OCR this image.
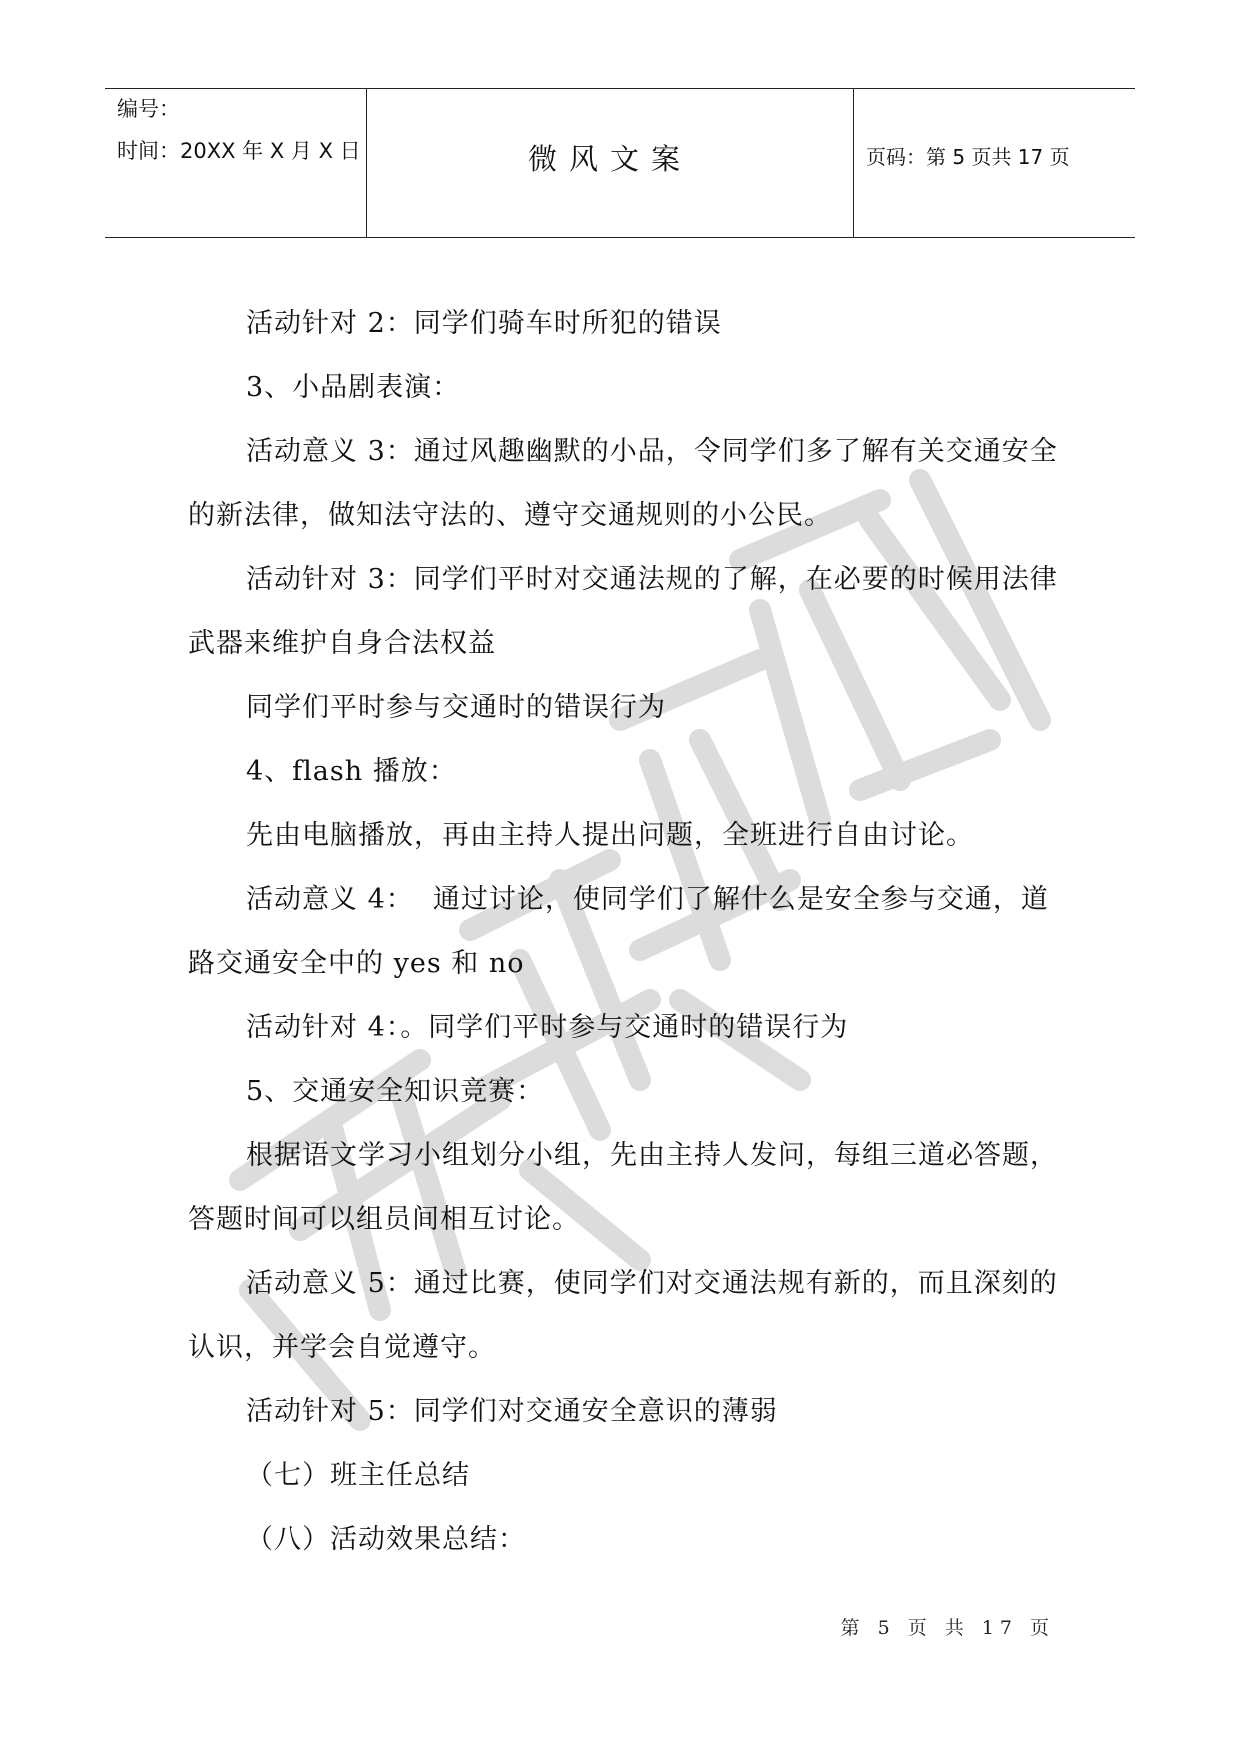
编号：
时间：20XX 年 X 月 X 日	微风文案	页码：第 5 页共 17 页

活动针对 2：同学们骑车时所犯的错误

3、小品剧表演：

活动意义 3：通过风趣幽默的小品，令同学们多了解有关交通安全的新法律，做知法守法的、遵守交通规则的小公民。

活动针对 3：同学们平时对交通法规的了解，在必要的时候用法律武器来维护自身合法权益

同学们平时参与交通时的错误行为

4、flash 播放：

先由电脑播放，再由主持人提出问题，全班进行自由讨论。

活动意义 4：  通过讨论，使同学们了解什么是安全参与交通，道路交通安全中的 yes 和 no

活动针对 4：。同学们平时参与交通时的错误行为

5、交通安全知识竞赛：

根据语文学习小组划分小组，先由主持人发问，每组三道必答题，答题时间可以组员间相互讨论。

活动意义 5：通过比赛，使同学们对交通法规有新的，而且深刻的认识，并学会自觉遵守。

活动针对 5：同学们对交通安全意识的薄弱

（七）班主任总结

（八）活动效果总结：

第 5 页 共 17 页
